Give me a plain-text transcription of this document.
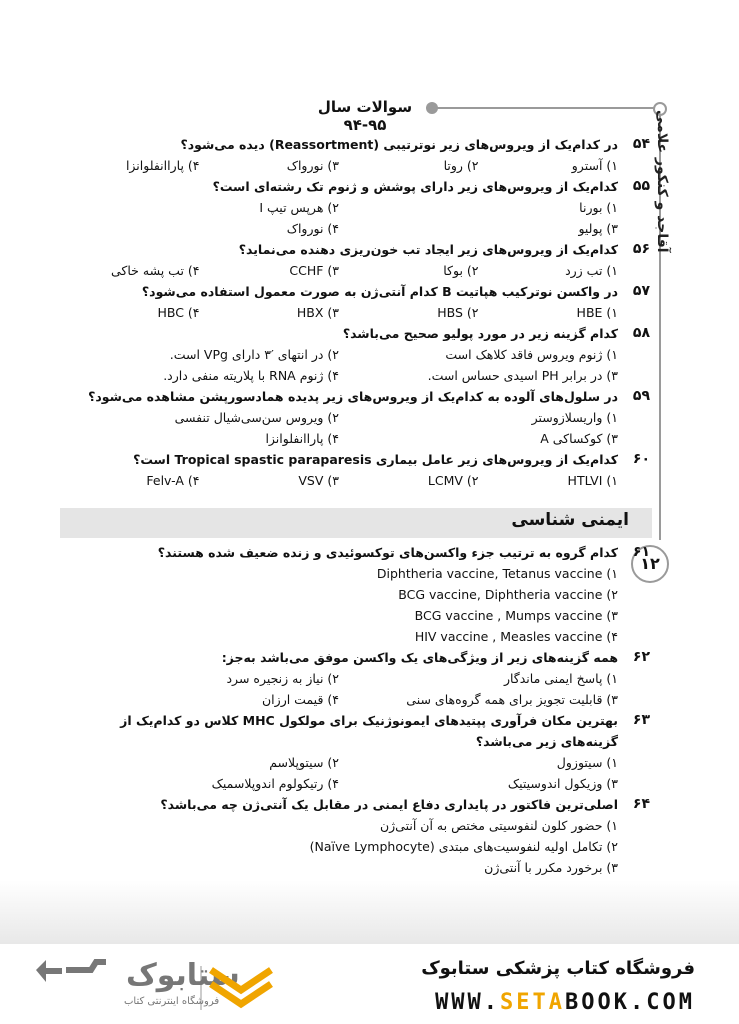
سوالات سال ۹۵-۹۴	آقاجد و کنکور علامی
۱۲
۵۴
در کدام‌یک از ویروس‌های زیر نوترتیبی (Reassortment) دیده می‌شود؟
۱) آسترو
۲) روتا
۳) نورواک
۴) پاراانفلوانزا
۵۵
کدام‌یک از ویروس‌های زیر دارای پوشش و ژنوم تک رشته‌ای است؟
۱) بورنا
۲) هرپس تیپ I
۳) پولیو
۴) نورواک
۵۶
کدام‌یک از ویروس‌های زیر ایجاد تب خون‌ریزی دهنده می‌نماید؟
۱) تب زرد
۲) بوکا
۳) CCHF
۴) تب پشه خاکی
۵۷
در واکسن نوترکیب هپاتیت B کدام آنتی‌ژن به صورت معمول استفاده می‌شود؟
۱) HBE
۲) HBS
۳) HBX
۴) HBC
۵۸
کدام گزینه زیر در مورد پولیو صحیح می‌باشد؟
۱) ژنوم ویروس فاقد کلاهک است
۲) در انتهای ′۳ دارای VPg است.
۳) در برابر PH اسیدی حساس است.
۴) ژنوم RNA با پلاریته منفی دارد.
۵۹
در سلول‌های آلوده به کدام‌یک از ویروس‌های زیر پدیده همادسورپشن مشاهده می‌شود؟
۱) واریسلازوستر
۲) ویروس سن‌سی‌شیال تنفسی
۳) کوکساکی A
۴) پاراانفلوانزا
۶۰
کدام‌یک از ویروس‌های زیر عامل بیماری Tropical spastic paraparesis است؟
۱) HTLVI
۲) LCMV
۳) VSV
۴) Felv-A
ایمنی شناسی
۶۱
کدام گروه به ترتیب جزء واکسن‌های توکسوئیدی و زنده ضعیف شده هستند؟
۱) Diphtheria vaccine, Tetanus vaccine
۲) BCG vaccine, Diphtheria vaccine
۳) BCG vaccine , Mumps vaccine
۴) HIV vaccine , Measles vaccine
۶۲
همه گزینه‌های زیر از ویژگی‌های یک واکسن موفق می‌باشد به‌جز:
۱) پاسخ ایمنی ماندگار
۲) نیاز به زنجیره سرد
۳) قابلیت تجویز برای همه گروه‌های سنی
۴) قیمت ارزان
۶۳
بهترین مکان فرآوری پپتیدهای ایمونوژنیک برای مولکول MHC کلاس دو کدام‌یک از گزینه‌های زیر می‌باشد؟
۱) سیتوزول
۲) سیتوپلاسم
۳) وزیکول اندوسیتیک
۴) رتیکولوم اندوپلاسمیک
۶۴
اصلی‌ترین فاکتور در پایداری دفاع ایمنی در مقابل یک آنتی‌ژن چه می‌باشد؟
۱) حضور کلون لنفوسیتی مختص به آن آنتی‌ژن
۲) تکامل اولیه لنفوسیت‌های مبتدی (Naïve Lymphocyte)
۳) برخورد مکرر با آنتی‌ژن
فروشگاه کتاب پزشکی ستابوک
WWW.SETABOOK.COM
ستابوک
فروشگاه اینترنتی کتاب
